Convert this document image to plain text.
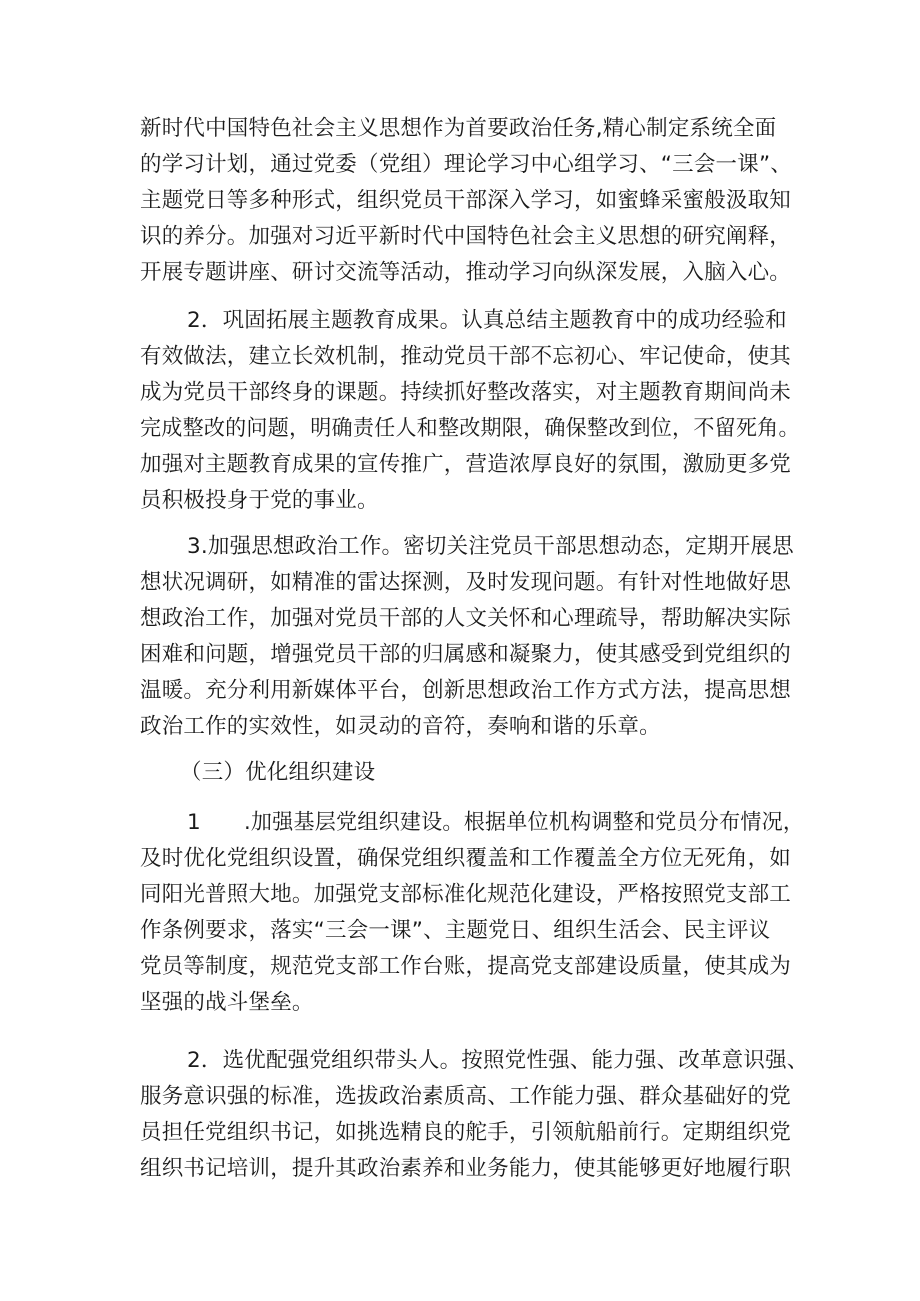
新时代中国特色社会主义思想作为首要政治任务,精心制定系统全面
的学习计划，通过党委（党组）理论学习中心组学习、“三会一课”、
主题党日等多种形式，组织党员干部深入学习，如蜜蜂采蜜般汲取知
识的养分。加强对习近平新时代中国特色社会主义思想的研究阐释，
开展专题讲座、研讨交流等活动，推动学习向纵深发展，入脑入心。
2．巩固拓展主题教育成果。认真总结主题教育中的成功经验和
有效做法，建立长效机制，推动党员干部不忘初心、牢记使命，使其
成为党员干部终身的课题。持续抓好整改落实，对主题教育期间尚未
完成整改的问题，明确责任人和整改期限，确保整改到位，不留死角。
加强对主题教育成果的宣传推广，营造浓厚良好的氛围，激励更多党
员积极投身于党的事业。
3.加强思想政治工作。密切关注党员干部思想动态，定期开展思
想状况调研，如精准的雷达探测，及时发现问题。有针对性地做好思
想政治工作，加强对党员干部的人文关怀和心理疏导，帮助解决实际
困难和问题，增强党员干部的归属感和凝聚力，使其感受到党组织的
温暖。充分利用新媒体平台，创新思想政治工作方式方法，提高思想
政治工作的实效性，如灵动的音符，奏响和谐的乐章。
（三）优化组织建设
1 .加强基层党组织建设。根据单位机构调整和党员分布情况，
及时优化党组织设置，确保党组织覆盖和工作覆盖全方位无死角，如
同阳光普照大地。加强党支部标准化规范化建设，严格按照党支部工
作条例要求，落实“三会一课”、主题党日、组织生活会、民主评议
党员等制度，规范党支部工作台账，提高党支部建设质量，使其成为
坚强的战斗堡垒。
2．选优配强党组织带头人。按照党性强、能力强、改革意识强、
服务意识强的标准，选拔政治素质高、工作能力强、群众基础好的党
员担任党组织书记，如挑选精良的舵手，引领航船前行。定期组织党
组织书记培训，提升其政治素养和业务能力，使其能够更好地履行职
